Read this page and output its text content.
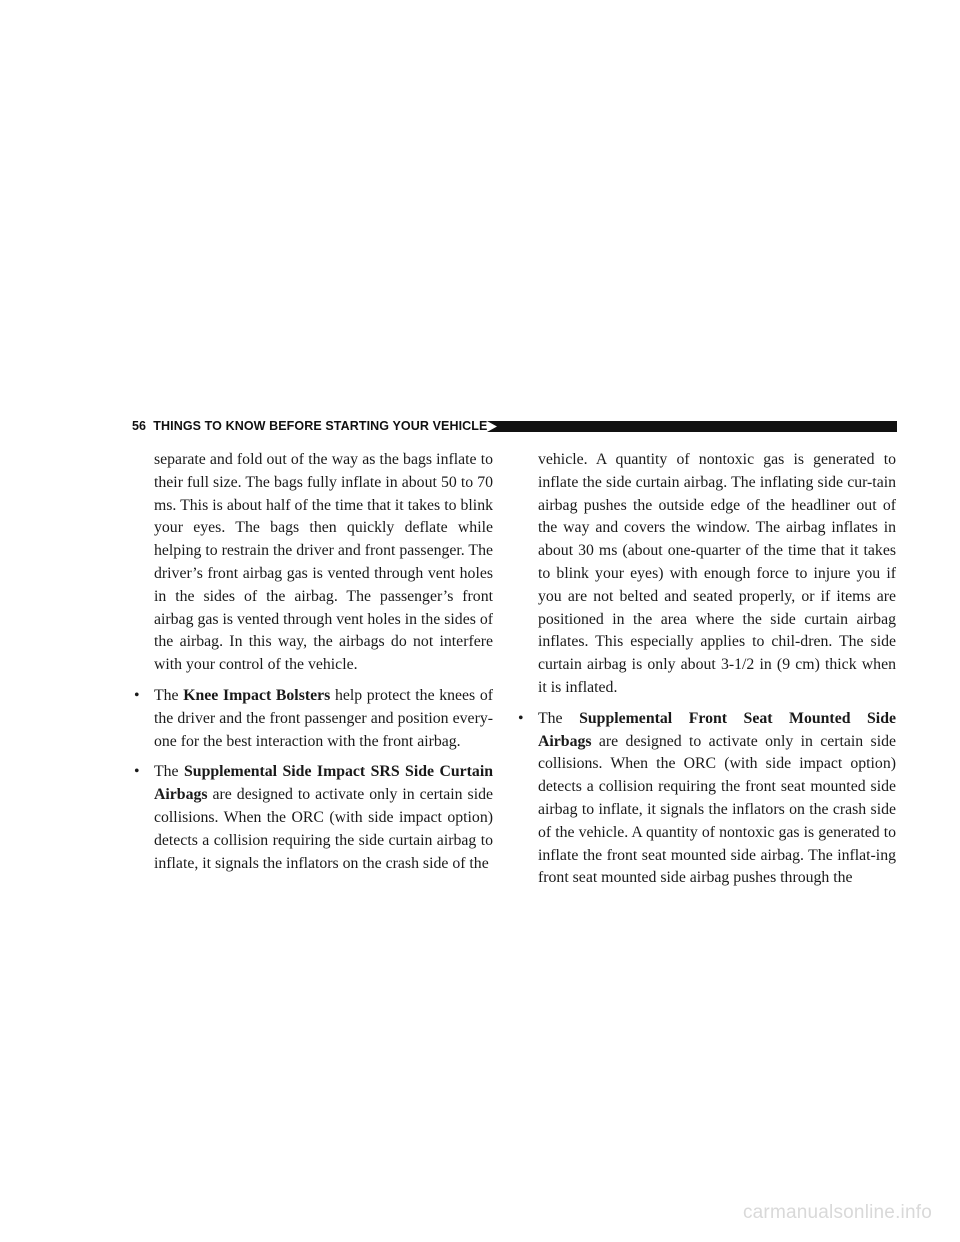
56 THINGS TO KNOW BEFORE STARTING YOUR VEHICLE

separate and fold out of the way as the bags inflate to their full size. The bags fully inflate in about 50 to 70 ms. This is about half of the time that it takes to blink your eyes. The bags then quickly deflate while helping to restrain the driver and front passenger. The driver’s front airbag gas is vented through vent holes in the sides of the airbag. The passenger’s front airbag gas is vented through vent holes in the sides of the airbag. In this way, the airbags do not interfere with your control of the vehicle.

• The Knee Impact Bolsters help protect the knees of the driver and the front passenger and position every-one for the best interaction with the front airbag.
• The Supplemental Side Impact SRS Side Curtain Airbags are designed to activate only in certain side collisions. When the ORC (with side impact option) detects a collision requiring the side curtain airbag to inflate, it signals the inflators on the crash side of the

vehicle. A quantity of nontoxic gas is generated to inflate the side curtain airbag. The inflating side cur-tain airbag pushes the outside edge of the headliner out of the way and covers the window. The airbag inflates in about 30 ms (about one-quarter of the time that it takes to blink your eyes) with enough force to injure you if you are not belted and seated properly, or if items are positioned in the area where the side curtain airbag inflates. This especially applies to chil-dren. The side curtain airbag is only about 3-1/2 in (9 cm) thick when it is inflated.

• The Supplemental Front Seat Mounted Side Airbags are designed to activate only in certain side collisions. When the ORC (with side impact option) detects a collision requiring the front seat mounted side airbag to inflate, it signals the inflators on the crash side of the vehicle. A quantity of nontoxic gas is generated to inflate the front seat mounted side airbag. The inflat-ing front seat mounted side airbag pushes through the
carmanualsonline.info
